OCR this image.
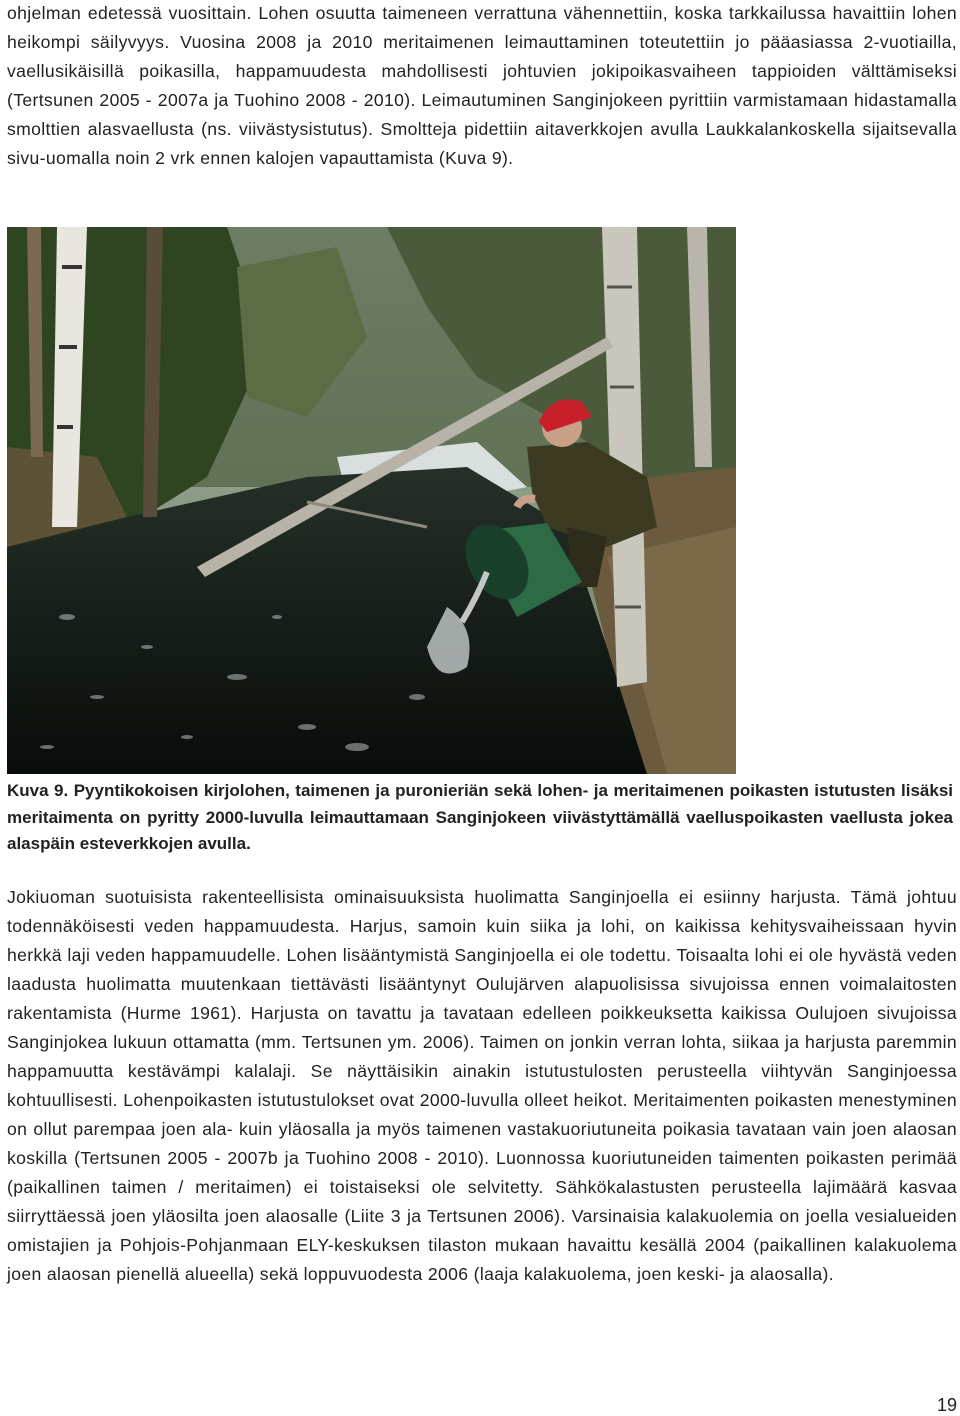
ohjelman edetessä vuosittain. Lohen osuutta taimeneen verrattuna vähennettiin, koska tarkkailussa havaittiin lohen heikompi säilyvyys. Vuosina 2008 ja 2010 meritaimenen leimauttaminen toteutettiin jo pääasiassa 2-vuotiailla, vaellusikäisillä poikasilla, happamuudesta mahdollisesti johtuvien jokipoikasvaiheen tappioiden välttämiseksi (Tertsunen 2005 - 2007a ja Tuohino 2008 - 2010). Leimautuminen Sanginjokeen pyrittiin varmistamaan hidastamalla smolttien alasvaellusta (ns. viivästysistutus). Smoltteja pidettiin aitaverkkojen avulla Laukkalankoskella sijaitsevalla sivu-uomalla noin 2 vrk ennen kalojen vapauttamista (Kuva 9).

Kuva 9. Pyyntikokoisen kirjolohen, taimenen ja puronieriän sekä lohen- ja meritaimenen poikasten istutusten lisäksi meritaimenta on pyritty 2000-luvulla leimauttamaan Sanginjokeen viivästyttämällä vaelluspoikasten vaellusta jokea alaspäin esteverkkojen avulla.

Jokiuoman suotuisista rakenteellisista ominaisuuksista huolimatta Sanginjoella ei esiinny harjusta. Tämä johtuu todennäköisesti veden happamuudesta. Harjus, samoin kuin siika ja lohi, on kaikissa kehitysvaiheissaan hyvin herkkä laji veden happamuudelle. Lohen lisääntymistä Sanginjoella ei ole todettu. Toisaalta lohi ei ole hyvästä veden laadusta huolimatta muutenkaan tiettävästi lisääntynyt Oulujärven alapuolisissa sivujoissa ennen voimalaitosten rakentamista (Hurme 1961). Harjusta on tavattu ja tavataan edelleen poikkeuksetta kaikissa Oulujoen sivujoissa Sanginjokea lukuun ottamatta (mm. Tertsunen ym. 2006). Taimen on jonkin verran lohta, siikaa ja harjusta paremmin happamuutta kestävämpi kalalaji. Se näyttäisikin ainakin istutustulosten perusteella viihtyvän Sanginjoessa kohtuullisesti. Lohenpoikasten istutustulokset ovat 2000-luvulla olleet heikot. Meritaimenten poikasten menestyminen on ollut parempaa joen ala- kuin yläosalla ja myös taimenen vastakuoriutuneita poikasia tavataan vain joen alaosan koskilla (Tertsunen 2005 - 2007b ja Tuohino 2008 - 2010). Luonnossa kuoriutuneiden taimenten poikasten perimää (paikallinen taimen / meritaimen) ei toistaiseksi ole selvitetty. Sähkökalastusten perusteella lajimäärä kasvaa siirryttäessä joen yläosilta joen alaosalle (Liite 3 ja Tertsunen 2006). Varsinaisia kalakuolemia on joella vesialueiden omistajien ja Pohjois-Pohjanmaan ELY-keskuksen tilaston mukaan havaittu kesällä 2004 (paikallinen kalakuolema joen alaosan pienellä alueella) sekä loppuvuodesta 2006 (laaja kalakuolema, joen keski- ja alaosalla).

19
